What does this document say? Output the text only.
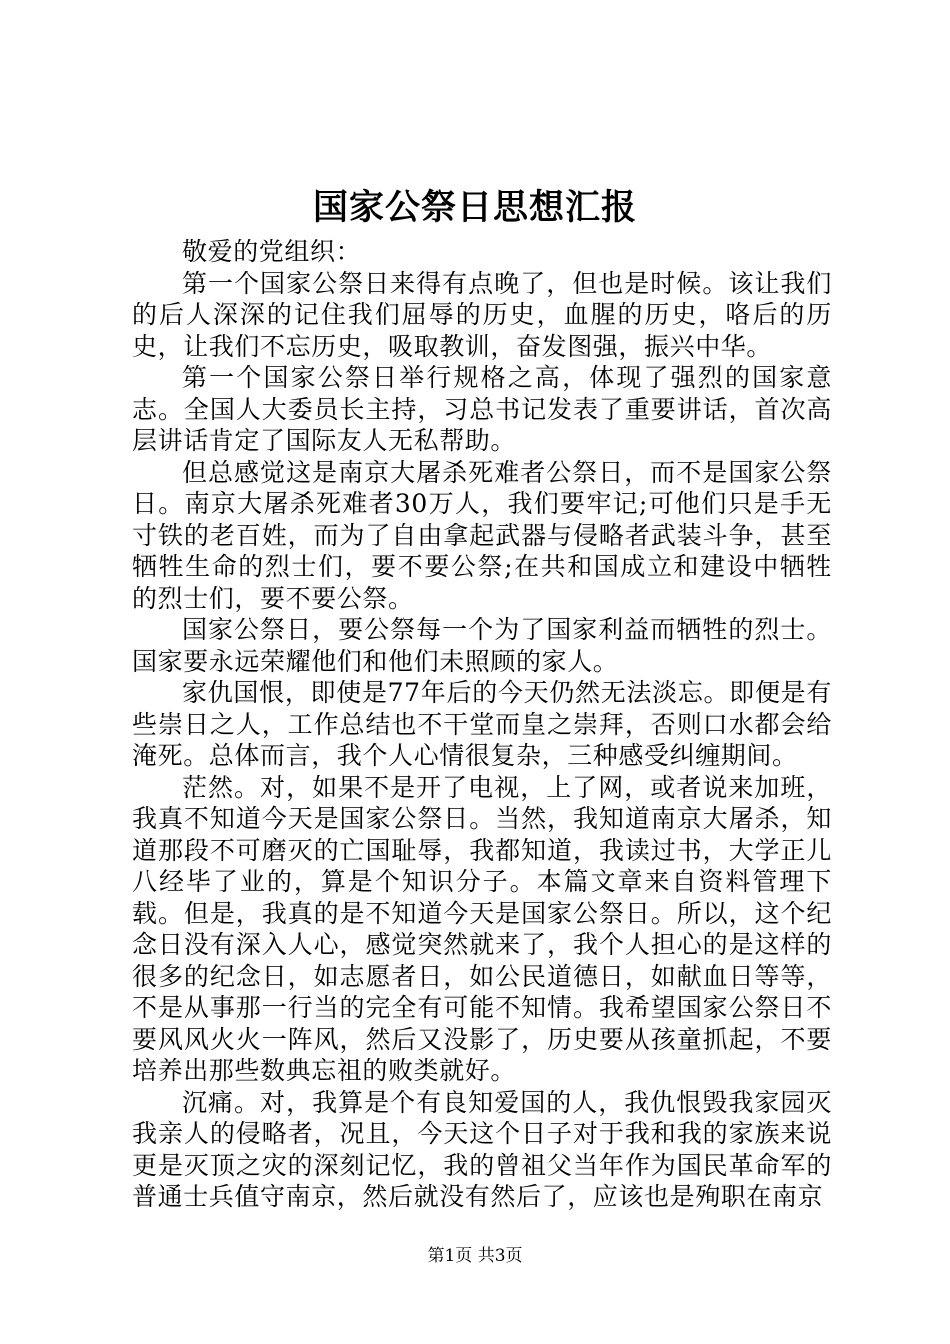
国家公祭日思想汇报

敬爱的党组织：

第一个国家公祭日来得有点晚了，但也是时候。该让我们的后人深深的记住我们屈辱的历史，血腥的历史，咯后的历史，让我们不忘历史，吸取教训，奋发图强，振兴中华。

第一个国家公祭日举行规格之高，体现了强烈的国家意志。全国人大委员长主持，习总书记发表了重要讲话，首次高层讲话肯定了国际友人无私帮助。

但总感觉这是南京大屠杀死难者公祭日，而不是国家公祭日。南京大屠杀死难者30万人，我们要牢记;可他们只是手无寸铁的老百姓，而为了自由拿起武器与侵略者武装斗争，甚至牺牲生命的烈士们，要不要公祭;在共和国成立和建设中牺牲的烈士们，要不要公祭。

国家公祭日，要公祭每一个为了国家利益而牺牲的烈士。国家要永远荣耀他们和他们未照顾的家人。

家仇国恨，即使是77年后的今天仍然无法淡忘。即便是有些崇日之人，工作总结也不干堂而皇之崇拜，否则口水都会给淹死。总体而言，我个人心情很复杂，三种感受纠缠期间。

茫然。对，如果不是开了电视，上了网，或者说来加班，我真不知道今天是国家公祭日。当然，我知道南京大屠杀，知道那段不可磨灭的亡国耻辱，我都知道，我读过书，大学正儿八经毕了业的，算是个知识分子。本篇文章来自资料管理下载。但是，我真的是不知道今天是国家公祭日。所以，这个纪念日没有深入人心，感觉突然就来了，我个人担心的是这样的很多的纪念日，如志愿者日，如公民道德日，如献血日等等，不是从事那一行当的完全有可能不知情。我希望国家公祭日不要风风火火一阵风，然后又没影了，历史要从孩童抓起，不要培养出那些数典忘祖的败类就好。

沉痛。对，我算是个有良知爱国的人，我仇恨毁我家园灭我亲人的侵略者，况且，今天这个日子对于我和我的家族来说更是灭顶之灾的深刻记忆，我的曾祖父当年作为国民革命军的普通士兵值守南京，然后就没有然后了，应该也是殉职在南京

第1页 共3页
